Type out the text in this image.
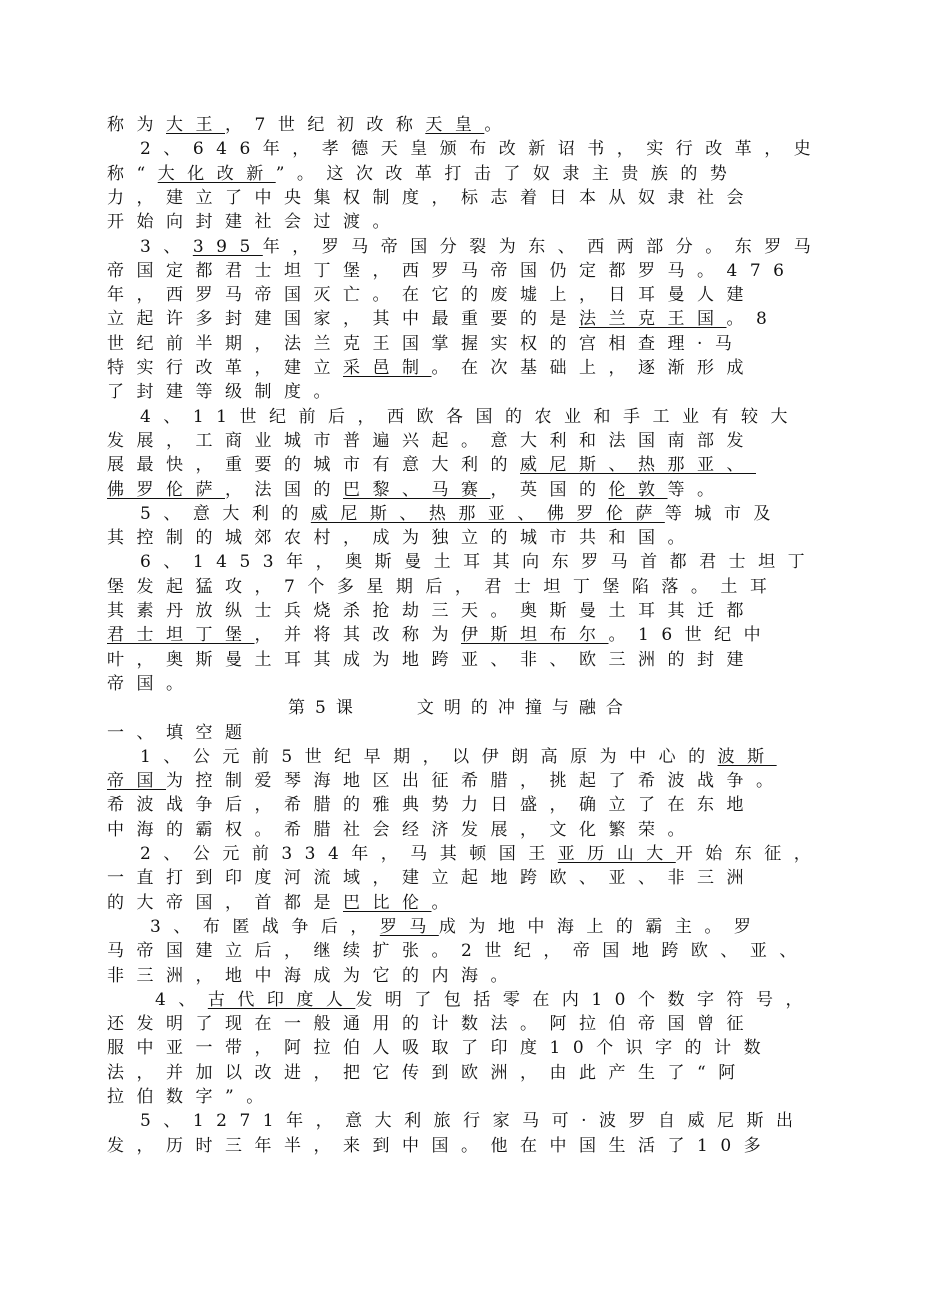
称为大王，7世纪初改称天皇。
2、646年，孝德天皇颁布改新诏书，实行改革，史
称“大化改新”。这次改革打击了奴隶主贵族的势
力，建立了中央集权制度，标志着日本从奴隶社会
开始向封建社会过渡。
3、395年，罗马帝国分裂为东、西两部分。东罗马
帝国定都君士坦丁堡，西罗马帝国仍定都罗马。476
年，西罗马帝国灭亡。在它的废墟上，日耳曼人建
立起许多封建国家，其中最重要的是法兰克王国。8
世纪前半期，法兰克王国掌握实权的宫相查理·马
特实行改革，建立采邑制。在次基础上，逐渐形成
了封建等级制度。
4、11世纪前后，西欧各国的农业和手工业有较大
发展，工商业城市普遍兴起。意大利和法国南部发
展最快，重要的城市有意大利的威尼斯、热那亚、
佛罗伦萨，法国的巴黎、马赛，英国的伦敦等。
5、意大利的威尼斯、热那亚、佛罗伦萨等城市及
其控制的城郊农村，成为独立的城市共和国。
6、1453年，奥斯曼土耳其向东罗马首都君士坦丁
堡发起猛攻，7个多星期后，君士坦丁堡陷落。土耳
其素丹放纵士兵烧杀抢劫三天。奥斯曼土耳其迁都
君士坦丁堡，并将其改称为伊斯坦布尔。16世纪中
叶，奥斯曼土耳其成为地跨亚、非、欧三洲的封建
帝国。
第5课　　文明的冲撞与融合
一、填空题
1、公元前5世纪早期，以伊朗高原为中心的波斯
帝国为控制爱琴海地区出征希腊，挑起了希波战争。
希波战争后，希腊的雅典势力日盛，确立了在东地
中海的霸权。希腊社会经济发展，文化繁荣。
2、公元前334年，马其顿国王亚历山大开始东征，
一直打到印度河流域，建立起地跨欧、亚、非三洲
的大帝国，首都是巴比伦。
3、布匿战争后，罗马成为地中海上的霸主。罗
马帝国建立后，继续扩张。2世纪，帝国地跨欧、亚、
非三洲，地中海成为它的内海。
4、古代印度人发明了包括零在内10个数字符号，
还发明了现在一般通用的计数法。阿拉伯帝国曾征
服中亚一带，阿拉伯人吸取了印度10个识字的计数
法，并加以改进，把它传到欧洲，由此产生了“阿
拉伯数字”。
5、1271年，意大利旅行家马可·波罗自威尼斯出
发，历时三年半，来到中国。他在中国生活了10多
